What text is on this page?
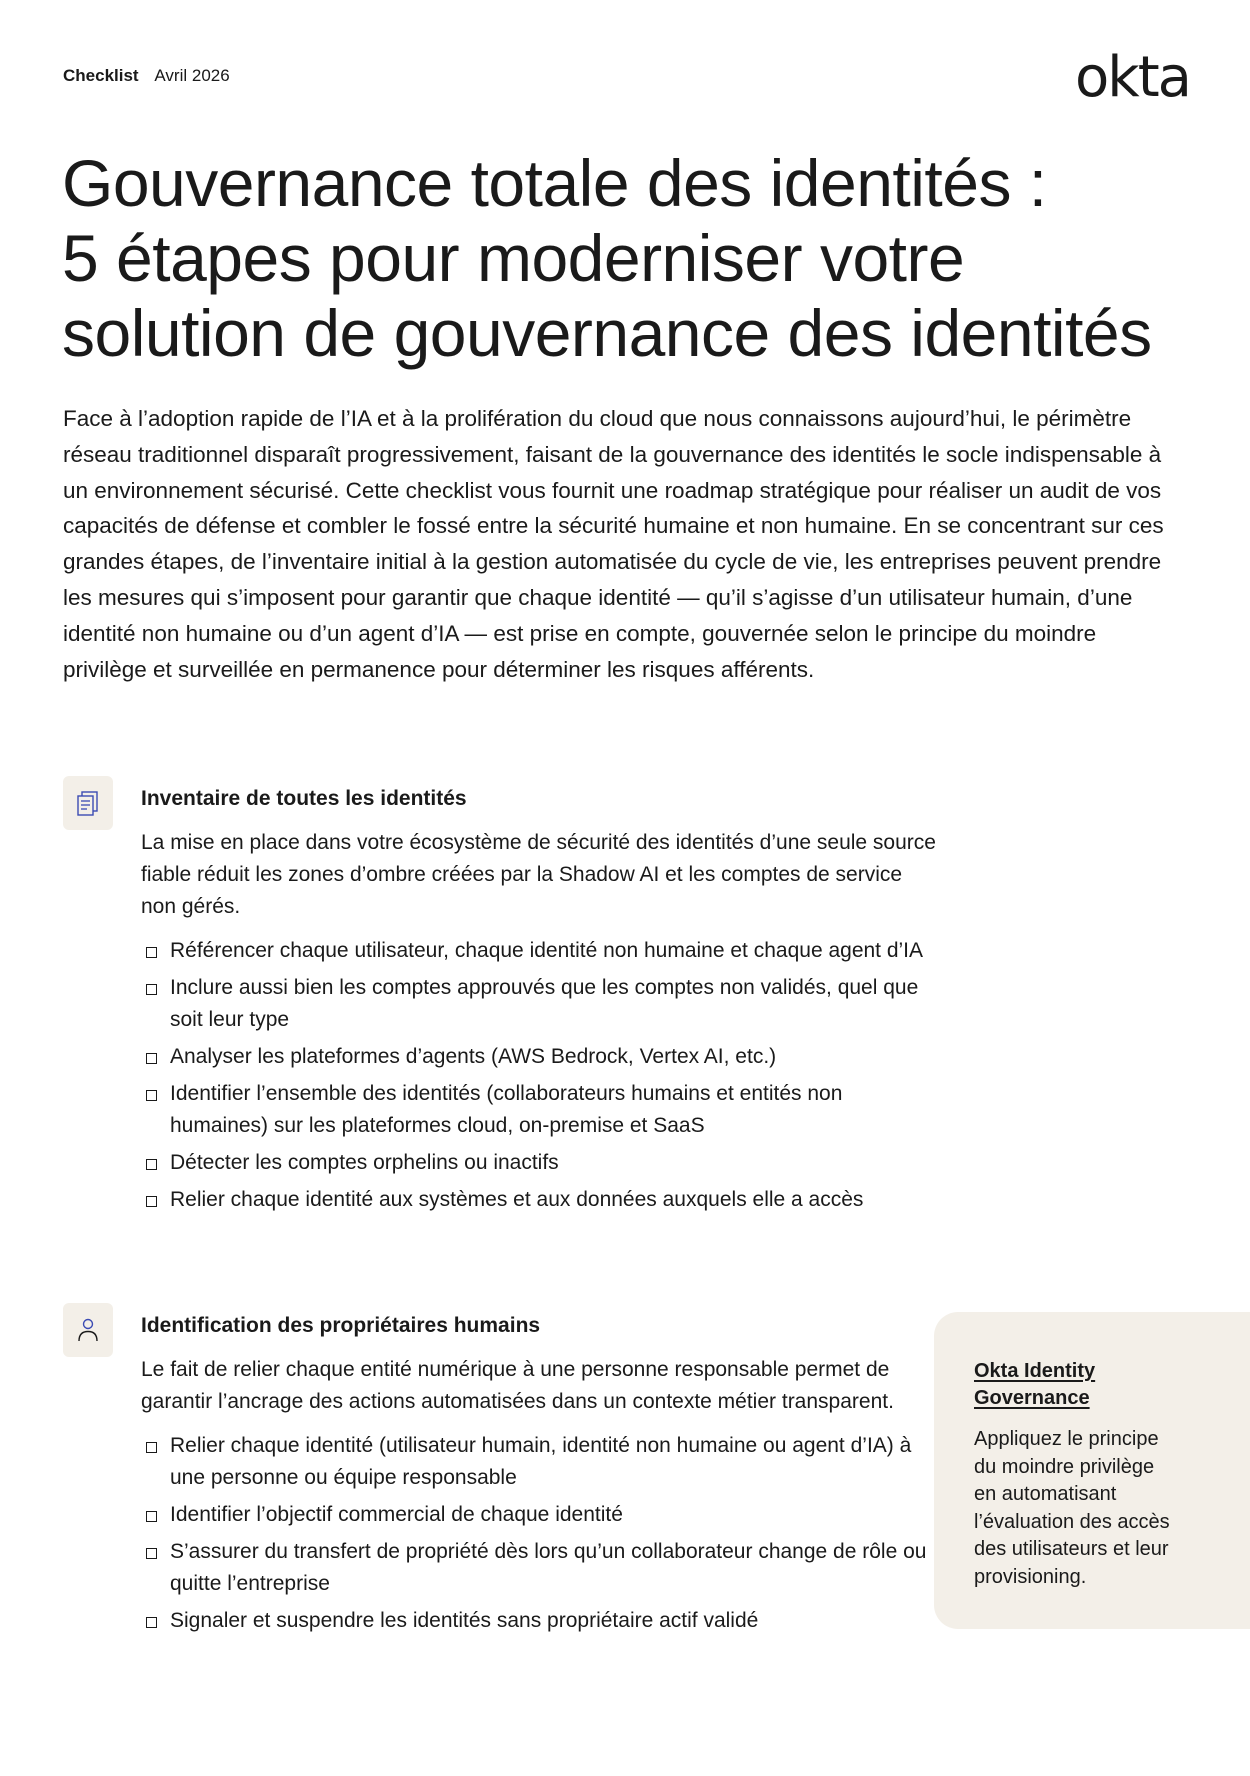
Checklist Avril 2026	okta
Gouvernance totale des identités :
5 étapes pour moderniser votre
solution de gouvernance des identités

Face à l’adoption rapide de l’IA et à la prolifération du cloud que nous connaissons aujourd’hui, le périmètre réseau traditionnel disparaît progressivement, faisant de la gouvernance des identités le socle indispensable à un environnement sécurisé. Cette checklist vous fournit une roadmap stratégique pour réaliser un audit de vos capacités de défense et combler le fossé entre la sécurité humaine et non humaine. En se concentrant sur ces grandes étapes, de l’inventaire initial à la gestion automatisée du cycle de vie, les entreprises peuvent prendre les mesures qui s’imposent pour garantir que chaque identité — qu’il s’agisse d’un utilisateur humain, d’une identité non humaine ou d’un agent d’IA — est prise en compte, gouvernée selon le principe du moindre privilège et surveillée en permanence pour déterminer les risques afférents.

Inventaire de toutes les identités

La mise en place dans votre écosystème de sécurité des identités d’une seule source fiable réduit les zones d’ombre créées par la Shadow AI et les comptes de service non gérés.

Référencer chaque utilisateur, chaque identité non humaine et chaque agent d’IA
Inclure aussi bien les comptes approuvés que les comptes non validés, quel que soit leur type
Analyser les plateformes d’agents (AWS Bedrock, Vertex AI, etc.)
Identifier l’ensemble des identités (collaborateurs humains et entités non humaines) sur les plateformes cloud, on-premise et SaaS
Détecter les comptes orphelins ou inactifs
Relier chaque identité aux systèmes et aux données auxquels elle a accès
Identification des propriétaires humains

Le fait de relier chaque entité numérique à une personne responsable permet de garantir l’ancrage des actions automatisées dans un contexte métier transparent.

Relier chaque identité (utilisateur humain, identité non humaine ou agent d’IA) à une personne ou équipe responsable
Identifier l’objectif commercial de chaque identité
S’assurer du transfert de propriété dès lors qu’un collaborateur change de rôle ou quitte l’entreprise
Signaler et suspendre les identités sans propriétaire actif validé
Okta Identity Governance

Appliquez le principe du moindre privilège en automatisant l’évaluation des accès des utilisateurs et leur provisioning.
